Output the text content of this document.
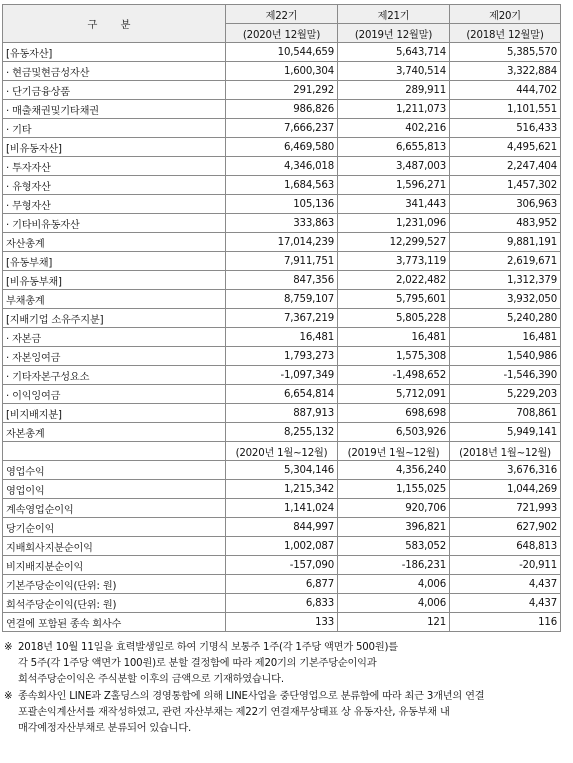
구 분	제22기	제21기	제20기
	(2020년 12월말)	(2019년 12월말)	(2018년 12월말)
[유동자산]	10,544,659	5,643,714	5,385,570
· 현금및현금성자산	1,600,304	3,740,514	3,322,884
· 단기금융상품	291,292	289,911	444,702
· 매출채권및기타채권	986,826	1,211,073	1,101,551
· 기타	7,666,237	402,216	516,433
[비유동자산]	6,469,580	6,655,813	4,495,621
· 투자자산	4,346,018	3,487,003	2,247,404
· 유형자산	1,684,563	1,596,271	1,457,302
· 무형자산	105,136	341,443	306,963
· 기타비유동자산	333,863	1,231,096	483,952
자산총계	17,014,239	12,299,527	9,881,191
[유동부채]	7,911,751	3,773,119	2,619,671
[비유동부채]	847,356	2,022,482	1,312,379
부채총계	8,759,107	5,795,601	3,932,050
[지배기업 소유주지분]	7,367,219	5,805,228	5,240,280
· 자본금	16,481	16,481	16,481
· 자본잉여금	1,793,273	1,575,308	1,540,986
· 기타자본구성요소	-1,097,349	-1,498,652	-1,546,390
· 이익잉여금	6,654,814	5,712,091	5,229,203
[비지배지분]	887,913	698,698	708,861
자본총계	8,255,132	6,503,926	5,949,141
	(2020년 1월~12월)	(2019년 1월~12월)	(2018년 1월~12월)
영업수익	5,304,146	4,356,240	3,676,316
영업이익	1,215,342	1,155,025	1,044,269
계속영업순이익	1,141,024	920,706	721,993
당기순이익	844,997	396,821	627,902
지배회사지분순이익	1,002,087	583,052	648,813
비지배지분순이익	-157,090	-186,231	-20,911
기본주당순이익(단위: 원)	6,877	4,006	4,437
희석주당순이익(단위: 원)	6,833	4,006	4,437
연결에 포함된 종속 회사수	133	121	116
※ 2018년 10월 11일을 효력발생일로 하여 기명식 보통주 1주(각 1주당 액면가 500원)를
각 5주(각 1주당 액면가 100원)로 분할 결정함에 따라 제20기의 기본주당순이익과
희석주당순이익은 주식분할 이후의 금액으로 기재하였습니다.
※ 종속회사인 LINE과 Z홀딩스의 경영통합에 의해 LINE사업을 중단영업으로 분류함에 따라 최근 3개년의 연결
포괄손익계산서를 재작성하였고, 관련 자산부채는 제22기 연결재무상태표 상 유동자산, 유동부채 내
매각예정자산부채로 분류되어 있습니다.
